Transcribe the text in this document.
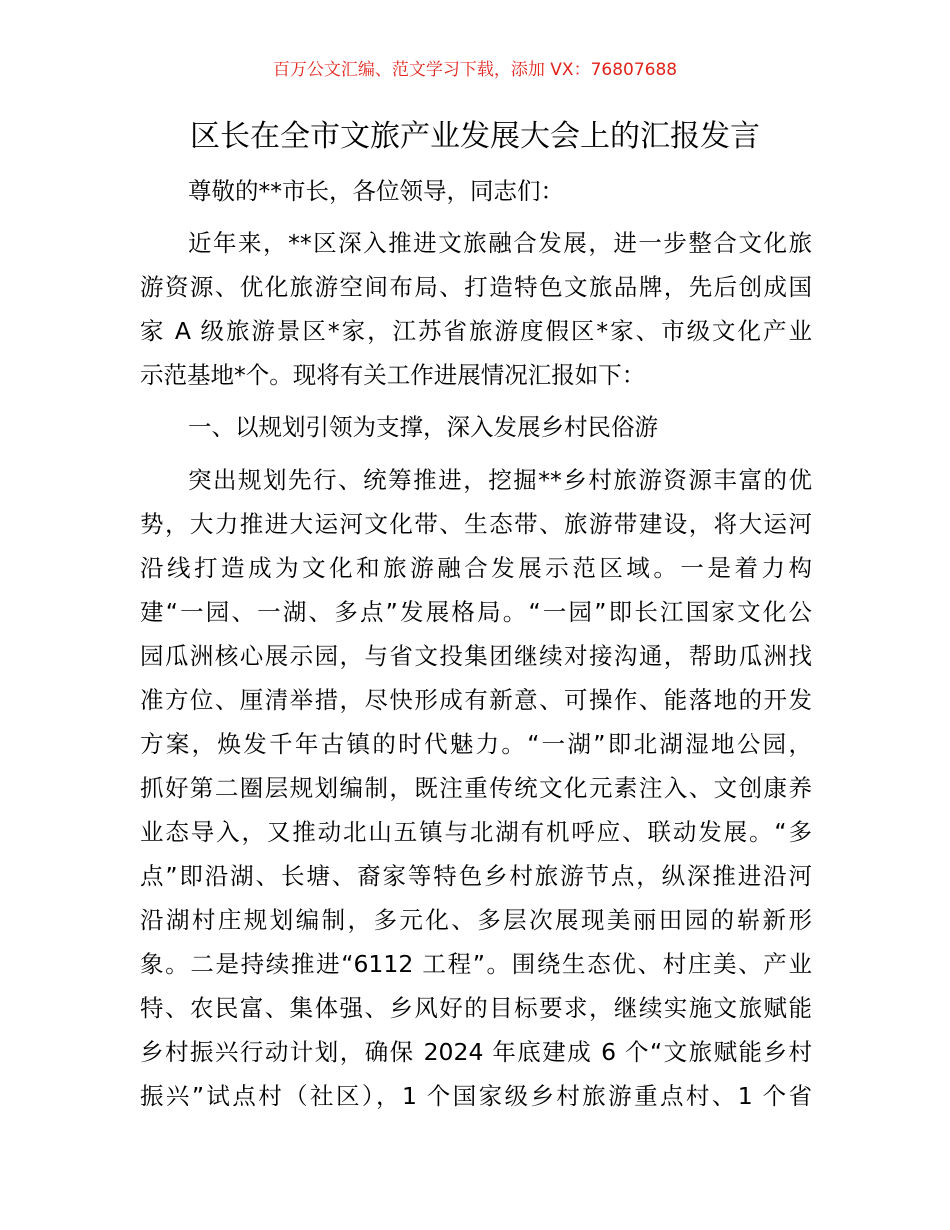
百万公文汇编、范文学习下载，添加 VX：76807688
区长在全市文旅产业发展大会上的汇报发言
尊敬的**市长，各位领导，同志们：
近年来，**区深入推进文旅融合发展，进一步整合文化旅
游资源、优化旅游空间布局、打造特色文旅品牌，先后创成国
家 A 级旅游景区*家，江苏省旅游度假区*家、市级文化产业
示范基地*个。现将有关工作进展情况汇报如下：
一、以规划引领为支撑，深入发展乡村民俗游
突出规划先行、统筹推进，挖掘**乡村旅游资源丰富的优
势，大力推进大运河文化带、生态带、旅游带建设，将大运河
沿线打造成为文化和旅游融合发展示范区域。一是着力构
建“一园、一湖、多点”发展格局。“一园”即长江国家文化公
园瓜洲核心展示园，与省文投集团继续对接沟通，帮助瓜洲找
准方位、厘清举措，尽快形成有新意、可操作、能落地的开发
方案，焕发千年古镇的时代魅力。“一湖”即北湖湿地公园，
抓好第二圈层规划编制，既注重传统文化元素注入、文创康养
业态导入，又推动北山五镇与北湖有机呼应、联动发展。“多
点”即沿湖、长塘、裔家等特色乡村旅游节点，纵深推进沿河
沿湖村庄规划编制，多元化、多层次展现美丽田园的崭新形
象。二是持续推进“6112 工程”。围绕生态优、村庄美、产业
特、农民富、集体强、乡风好的目标要求，继续实施文旅赋能
乡村振兴行动计划，确保 2024 年底建成 6 个“文旅赋能乡村
振兴”试点村（社区），1 个国家级乡村旅游重点村、1 个省
